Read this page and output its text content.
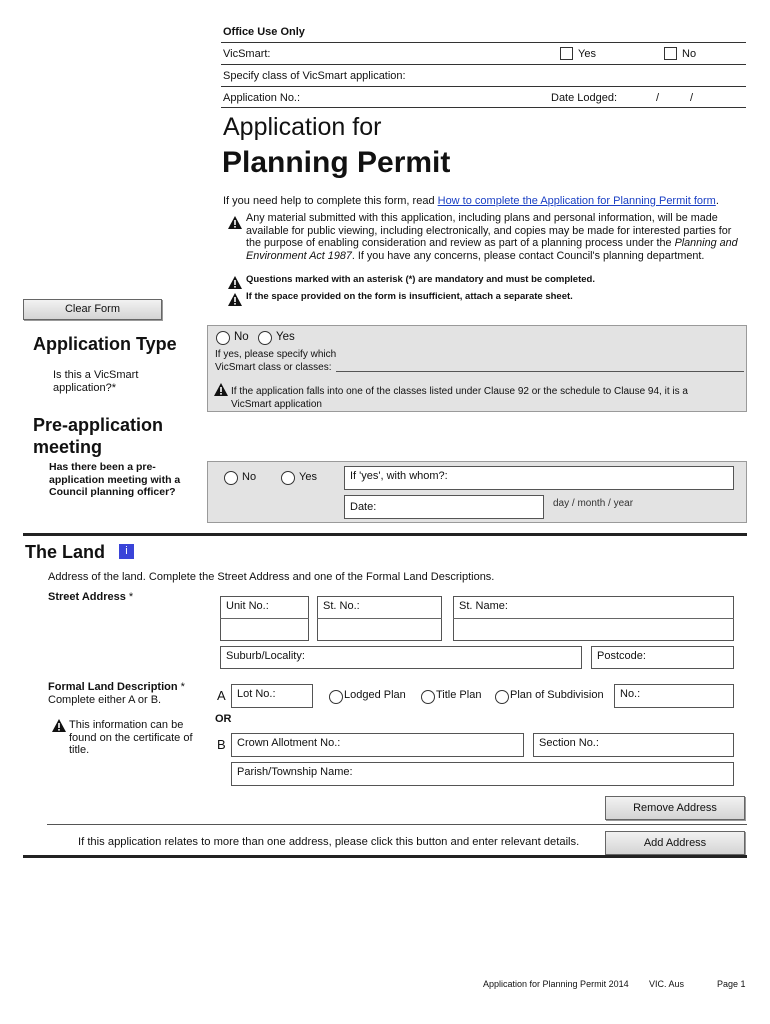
Office Use Only
VicSmart:	Yes	No
Specify class of VicSmart application:
Application No.:	Date Lodged:	/	/
Application for
Planning Permit
If you need help to complete this form, read How to complete the Application for Planning Permit form.
Any material submitted with this application, including plans and personal information, will be made available for public viewing, including electronically, and copies may be made for interested parties for the purpose of enabling consideration and review as part of a planning process under the Planning and Environment Act 1987. If you have any concerns, please contact Council's planning department.
Questions marked with an asterisk (*) are mandatory and must be completed.
If the space provided on the form is insufficient, attach a separate sheet.
Clear Form
Application Type
Is this a VicSmart application?*
No Yes
If yes, please specify which VicSmart class or classes:
If the application falls into one of the classes listed under Clause 92 or the schedule to Clause 94, it is a VicSmart application
Pre-application meeting
Has there been a pre-application meeting with a Council planning officer?
No	Yes	If 'yes', with whom?:
Date:	day / month / year
The Land	i
Address of the land. Complete the Street Address and one of the Formal Land Descriptions.
Street Address *
Unit No.:	St. No.:	St. Name:
Suburb/Locality:	Postcode:
Formal Land Description *
Complete either A or B.
This information can be found on the certificate of title.
A	Lot No.:	Lodged Plan	Title Plan	Plan of Subdivision	No.:
OR
B	Crown Allotment No.:	Section No.:
Parish/Township Name:
Remove Address
If this application relates to more than one address, please click this button and enter relevant details.	Add Address
Application for Planning Permit 2014 VIC. Aus	Page 1
